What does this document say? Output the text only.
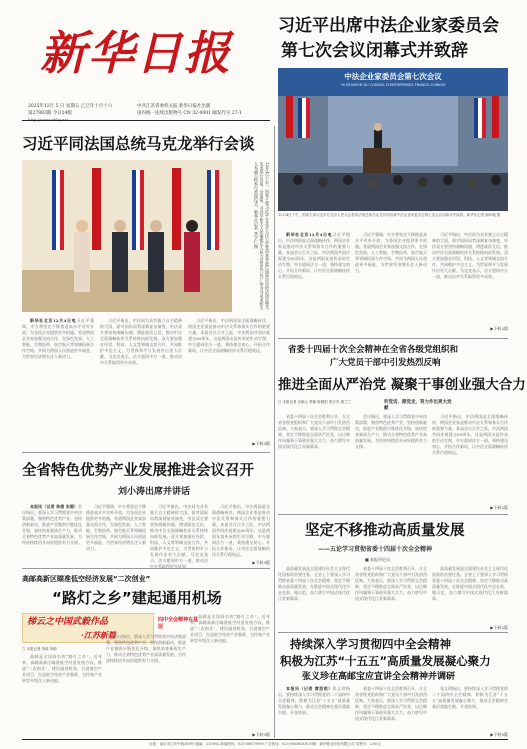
新华日报
2025年12月 5 日 星期五 乙巳年十月十六
第27883期 今日24版
中共江苏省委机关报 新华日报社出版
国内统一连续出版物号 CN 32-0001 邮发代号 27-1
习近平出席中法企业家委员会
第七次会议闭幕式并致辞
中法企业家委员会第七次会议
7e RÉUNION DU CONSEIL D'ENTREPRISES FRANCO-CHINOIS
12月4日下午，国家主席习近平在北京人民大会堂同法国总统马克龙共同出席中法企业家委员会第七次会议闭幕式并致辞。新华社记者 谢环驰 摄

新华社北京12月4日电习近平指出，中法两国是全面战略伙伴，两国企业家是推动中法关系和务实合作的重要力量。本届会议召开之际，中法两国共同庆祝建交60周年。这是两国友谊传承的生动写照，中方愿同法方一道，秉持建交初心，开拓合作新局，让中法全面战略伙伴关系行稳致远。

习近平强调，中方将坚定不移推进高水平对外开放，为各国企业提供更多机遇。希望两国企业家加强交流合作，在绿色发展、人工智能、生物医药、航空航天等领域拓展合作空间，共同为两国人民创造更多福祉，为世界经济增长注入新动力。

习近平指出，中法同为具有独立自主精神的大国，面对国际局势深刻复杂演变，中法双方要坚持战略沟通，增进政治互信，推动中法全面战略伙伴关系持续向前发展。双方要加强在经贸、科技、人文等领域交流合作，共同维护多边主义，为世界和平与发展作出更大贡献。马克龙表示，法方愿同中方一道，推动法中关系取得更多成果。

▶下转2版
习近平同法国总统马克龙举行会谈
12月4日上午，国家主席习近平在北京人民大会堂同来华进行国事访问的法国总统马克龙举行会谈。会谈前，习近平和夫人彭丽媛在人民大会堂东门外广场为马克龙和夫人布丽吉特举行欢迎仪式。新华社记者 李学仁 摄

新华社北京12月4日电习近平强调，中方将坚定不移推进高水平对外开放，为各国企业提供更多机遇。希望两国企业家加强交流合作，在绿色发展、人工智能、生物医药、航空航天等领域拓展合作空间，共同为两国人民创造更多福祉，为世界经济增长注入新动力。

习近平指出，中法同为具有独立自主精神的大国，面对国际局势深刻复杂演变，中法双方要坚持战略沟通，增进政治互信，推动中法全面战略伙伴关系持续向前发展。双方要加强在经贸、科技、人文等领域交流合作，共同维护多边主义，为世界和平与发展作出更大贡献。马克龙表示，法方愿同中方一道，推动法中关系取得更多成果。

习近平指出，中法两国是全面战略伙伴，两国企业家是推动中法关系和务实合作的重要力量。本届会议召开之际，中法两国共同庆祝建交60周年。这是两国友谊传承的生动写照，中方愿同法方一道，秉持建交初心，开拓合作新局，让中法全面战略伙伴关系行稳致远。

▶下转3版
省委十四届十次全会精神在全省各级党组织和
广大党员干部中引发热烈反响
推进全面从严治党 凝聚干事创业强大合力
□ 本报记者 佘颖云 蔡敏 陈明阳 张宏杰 胡兰兰	听党话、跟党走，努力作出更大贡献

省委十四届十次全会胜利召开，在全省各级党组织和广大党员干部中引发热烈反响。大家表示，要深入学习贯彻全会精神，坚定不移推进全面从严治党，以过硬作风凝聚干事创业强大合力，奋力谱写中国式现代化江苏新篇章。

会议指出，要深入学习贯彻党中央决策部署，聚焦特色优势产业，坚持创新驱动，推进产业链供应链优化升级，加快培育新质生产力，推动全省特色优势产业高质量发展，为经济持续回升向好提供有力支撑。

习近平指出，中法两国是全面战略伙伴，两国企业家是推动中法关系和务实合作的重要力量。本届会议召开之际，中法两国共同庆祝建交60周年。这是两国友谊传承的生动写照，中方愿同法方一道，秉持建交初心，开拓合作新局，让中法全面战略伙伴关系行稳致远。

▶下转2版
全省特色优势产业发展推进会议召开
刘小涛出席并讲话

本报讯（记者 李康 宋源）会议指出，要深入学习贯彻党中央决策部署，聚焦特色优势产业，坚持创新驱动，推进产业链供应链优化升级，加快培育新质生产力，推动全省特色优势产业高质量发展，为经济持续回升向好提供有力支撑。

习近平强调，中方将坚定不移推进高水平对外开放，为各国企业提供更多机遇。希望两国企业家加强交流合作，在绿色发展、人工智能、生物医药、航空航天等领域拓展合作空间，共同为两国人民创造更多福祉，为世界经济增长注入新动力。

习近平指出，中法同为具有独立自主精神的大国，面对国际局势深刻复杂演变，中法双方要坚持战略沟通，增进政治互信，推动中法全面战略伙伴关系持续向前发展。双方要加强在经贸、科技、人文等领域交流合作，共同维护多边主义，为世界和平与发展作出更大贡献。马克龙表示，法方愿同中方一道，推动法中关系取得更多成果。

习近平指出，中法两国是全面战略伙伴，两国企业家是推动中法关系和务实合作的重要力量。本届会议召开之际，中法两国共同庆祝建交60周年。这是两国友谊传承的生动写照，中方愿同法方一道，秉持建交初心，开拓合作新局，让中法全面战略伙伴关系行稳致远。

▶下转3版
高邮高新区瞄准低空经济发展“二次创业”
“路灯之乡”建起通用机场
梯云之中国武毅作品
·江苏新篇
四中全会精神在基层
□ 本报记者 李源 李源

高邮是全国闻名的“路灯之乡”。近年来，高邮高新区瞄准低空经济发展方向，推进“二次创业”，建设通用机场，引进低空产业项目，打造低空经济产业集群，为传统产业转型升级注入新动能。

会议指出，要深入学习贯彻党中央决策部署，聚焦特色优势产业，坚持创新驱动，推进产业链供应链优化升级，加快培育新质生产力，推动全省特色优势产业高质量发展，为经济持续回升向好提供有力支撑。

高邮是全国闻名的“路灯之乡”。近年来，高邮高新区瞄准低空经济发展方向，推进“二次创业”，建设通用机场，引进低空产业项目，打造低空经济产业集群，为传统产业转型升级注入新动能。

▶下转3版
坚定不移推动高质量发展
——五论学习贯彻省委十四届十次全会精神
■ 本报评论员

高质量发展是全面建设社会主义现代化国家的首要任务。全省上下要深入学习贯彻省委十四届十次全会精神，坚定不移推动高质量发展，在推进中国式现代化中走在前、做示范，奋力谱写中国式现代化江苏新篇章。

省委十四届十次全会胜利召开，在全省各级党组织和广大党员干部中引发热烈反响。大家表示，要深入学习贯彻全会精神，坚定不移推进全面从严治党，以过硬作风凝聚干事创业强大合力，奋力谱写中国式现代化江苏新篇章。

高质量发展是全面建设社会主义现代化国家的首要任务。全省上下要深入学习贯彻省委十四届十次全会精神，坚定不移推动高质量发展，在推进中国式现代化中走在前、做示范，奋力谱写中国式现代化江苏新篇章。

▶下转2版
持续深入学习贯彻四中全会精神
积极为江苏“十五五”高质量发展凝心聚力
张义珍在高邮宝应宣讲全会精神并调研

本报讯（记者 黄思雨）张义珍指出，要持续深入学习贯彻党的二十届四中全会精神，积极为江苏“十五五”高质量发展凝心聚力，推动全会精神在基层落地生根、开花结果。

省委十四届十次全会胜利召开，在全省各级党组织和广大党员干部中引发热烈反响。大家表示，要深入学习贯彻全会精神，坚定不移推进全面从严治党，以过硬作风凝聚干事创业强大合力，奋力谱写中国式现代化江苏新篇章。

张义珍指出，要持续深入学习贯彻党的二十届四中全会精神，积极为江苏“十五五”高质量发展凝心聚力，推动全会精神在基层落地生根、开花结果。

▶下转5版
社址：南京市江东中路369号 邮编：210092 新闻热线：025-58679999 广告热线：025-58680306 印刷：新华报业印务有限公司 零售价：2.00元
